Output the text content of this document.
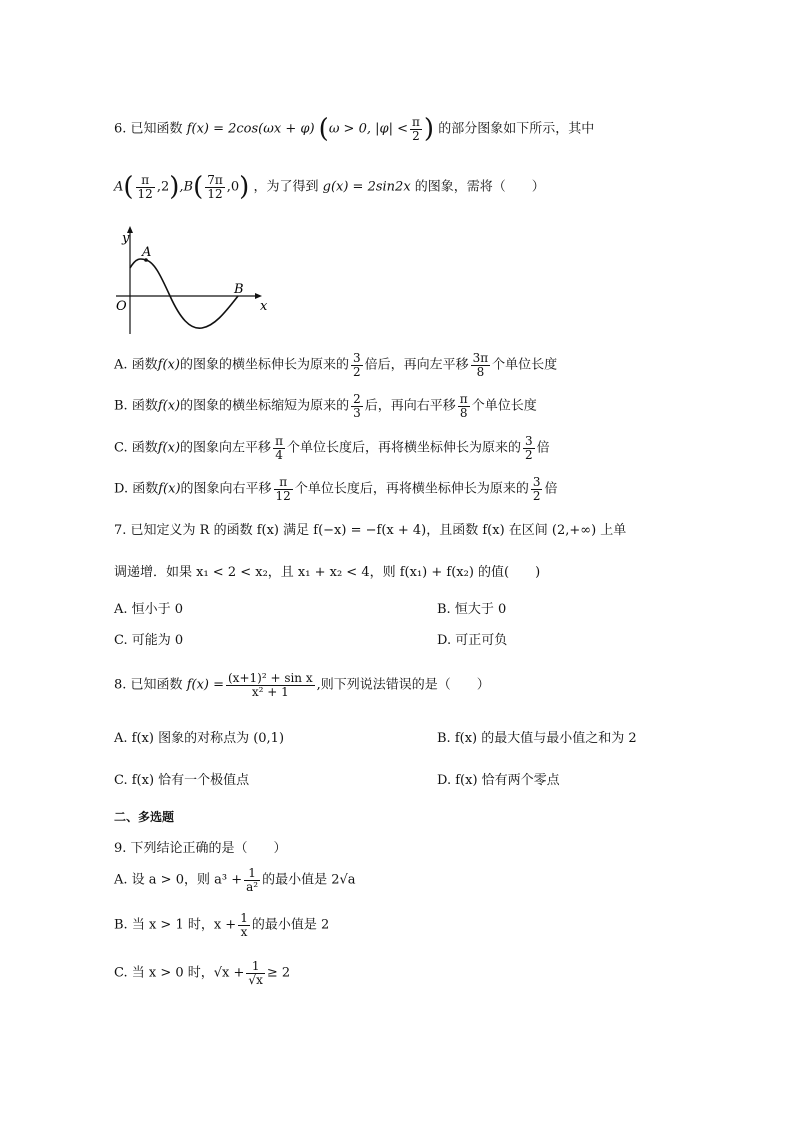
6. 已知函数 f(x) = 2cos(ωx + φ) (ω > 0, $|\varphi| < \frac{\pi}{2}$ ) 的部分图象如下所示，其中
$A( \frac{\pi}{12} ,2),B( \frac{7\pi}{12} ,0)$ ，为了得到 g(x) = 2sin2x 的图象，需将（　　）
y
x
O
A
B
A. 函数f(x)的图象的横坐标伸长为原来的 $\frac{3}{2}$ 倍后，再向左平移 $\frac{3\pi}{8}$ 个单位长度
B. 函数f(x)的图象的横坐标缩短为原来的 $\frac{2}{3}$ 后，再向右平移 $\frac{\pi}{8}$ 个单位长度
C. 函数f(x)的图象向左平移 $\frac{\pi}{4}$ 个单位长度后，再将横坐标伸长为原来的 $\frac{3}{2}$ 倍
D. 函数f(x)的图象向右平移 $\frac{\pi}{12}$ 个单位长度后，再将横坐标伸长为原来的 $\frac{3}{2}$ 倍
7. 已知定义为 R 的函数 f(x) 满足 f(−x) = −f(x + 4)，且函数 f(x) 在区间 (2,+∞) 上单
调递增．如果 x₁ < 2 < x₂，且 x₁ + x₂ < 4，则 f(x₁) + f(x₂) 的值(　　)
A. 恒小于 0	B. 恒大于 0
C. 可能为 0	D. 可正可负
8. 已知函数 $f(x) = \frac{\text{(x+1)² + sin x}}{\text{x² + 1}}$ ,则下列说法错误的是（　　）
A. f(x) 图象的对称点为 (0,1)	B. f(x) 的最大值与最小值之和为 2
C. f(x) 恰有一个极值点	D. f(x) 恰有两个零点
二、多选题
9. 下列结论正确的是（　　）
A. 设 a > 0，则 $a^3 + \frac{1}{\text{a²}}$ 的最小值是 2√a
B. 当 x > 1 时，$x + \frac{1}{x}$ 的最小值是 2
C. 当 x > 0 时，$√x + \frac{1}{√x} \ge 2$
